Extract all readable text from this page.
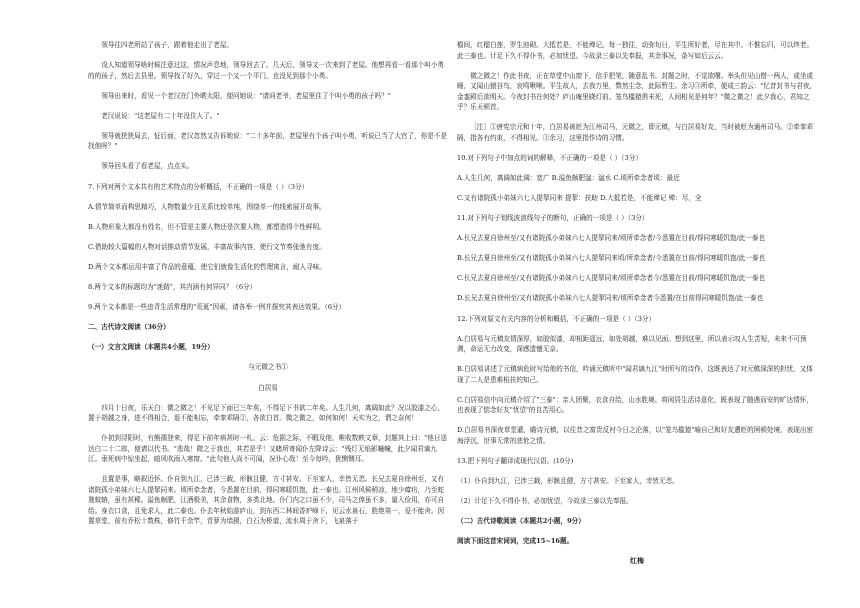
领导往四老所站了孩子，跟着他走出了老屋。

没人知道领导啥时候注意过这，情况声息地，领导回去了。几天后，领导又一次来到了老屋。他想再看一看那个叫小勇的的孩子，然后去县里。领导找了好久，穿过一个又一个平门，也没见到那个小勇。

领导出来时，看见一个老汉在门外晒太阳，便问她说："请问老爷，老屋里住了个叫小勇的孩子吗？"

老汉说说："这老屋有二十年没住人了。"

领导就狭狭局去，怔后面，老汉忽然又告诉她说："二十多年前，老屋里有个孩子叫小勇，听说已当了大官了，你是不是找他呀？"

领导回头看了看老屋，点点头。

7.下列对两个文本共有的艺术特点的分析概括，不正确的一项是（ ）（3分）

A.情节简单而构思精巧，人物数量少且关系比较单纯，围绕单一的线索展开故事。

B.人物形象大都没有姓名，但不管是主要人物还是次要人物，都塑造得个性鲜明。

C.借助较大篇幅的人物对话推动情节发展，丰富故事内容，使行文节奏张弛有度。

D.两个文本都运用丰富了作品的意蕴，使它们就像生活化的哲理寓言，耐人寻味。

8.两个文本的标题均为"迷路"，其内涵有何异同？（6分）

9.两个文本都是一些违背生活常理的"荒诞"因素，请各举一例并探究其表达效果。（6分）

二、古代诗文阅读（36分）

（一）文言文阅读（本题共4小题，19分）

与元微之书①

白居易

四月十日夜，乐天白：微之微之！不见足下面已三年矣，不得足下书欲二年矣。人生几何，离阔如此？况以胶漆之心，置于胡越之身，进不得相合，退不能相忘，牵挛乖隔②，各欲白首。微之微之，如何如何！天实为之，谓之奈何！

仆初到浔阳时，有熊孺登来，得足下前年病甚时一札，云：危据之际，不暇及他，唯收数帙文章，封题其上曰："他日送达白二十二郎，便请以代书。"悲哉！微之于我也，其若是乎！又睹所寄闻仆左降诗云："残灯无焰影幢幢，此夕闻君谪九江。垂死病中惊坐起，暗风吹雨入寒窗。"此句他人尚不可闻，况仆心哉！至今每吟，犹恻恻耳。

且置是事，略叙近怀。仆自到九江，已涉三载，形骸且健，方寸甚安。下至家人，幸皆无恙。长兄去夏自徐州至，又有诸院孤小弟妹六七人提挈同来。顷所牵念者，今悉置在目前，得同寒暖饥饱，此一泰也。江州风候稍凉，地少瘴疠，乃至蛇虺蚊蚋，虽有甚稀。溢鱼颇肥，江酒极美，其余食物，多类北地。仆门内之口虽不少，司马之俸虽不多，量入俭用，亦可自给。身衣口食，且免求人，此二泰也。仆去年秋始游庐山，到东西二林间香炉峰下，见云水泉石，胜绝第一，爱不能舍。因置草堂，前有乔松十数株，修竹千余竿，青萝为墙援，白石为桥道，流水周于舍下，飞泉落于

檐间，红榴白莲，罗生池砌。大抵若是，不能殚记。每一独往，动弥旬日，平生所好者，尽在其中。不惟忘归，可以终老。此三泰也。计足下久不得仆书，必加忧望。今故录三泰以先奉报，其余事况，条写如后云云。

微之微之！作此书夜，正在草堂中山窗下，信手把笔，随意乱书。封题之时，不觉欲曙。举头但见山僧一两人，或坐或睡，又闻山猿谷鸟，哀鸣啾啾。平生故人，去我万里，瞥然尘念，此际暂生。余习③所牵，便成三韵云："忆昔封书与君夜，金銮殿后欲明天。今夜封书在何处？庐山庵里晓灯前。笼鸟槛猿俱未死，人间相见是何年？"微之微之！此夕我心，君知之乎？乐天顿首。

［注］①唐宪宗元和十年，白居易被贬为江州司马，元微之，即元稹，与白居易好友，当时被贬为通州司马。②牵挛乖隔，指各有约束，不得相见。③余习，这里指作诗的习惯。

10.对下列句子中加点的词的解释，不正确的一项是（ ）（3分）

A.人生几何，离阔如此阔：宽广 B.溢鱼颇肥湓：湓水 C.顷所牵念者顷：最近

C.又有诸院孤小弟妹六七人提挈同来 提挈：扶助 D.大抵若是，不能殚记 殚：尽，全

11.对下列句子划线波浪线句子的断句，正确的一项是（ ）（3分）

A.长兄去夏自徐州至/又有诸院孤小弟妹六七人提挈同来/顷所牵念者/今悉置在目前/得同寒暖饥饱/此一泰也

B.长兄去夏自徐州至/又有诸院孤小弟妹六七人提挈同来顷/所牵念者/今悉置在目前/得同寒暖饥饱/此一泰也

C.长兄去夏自徐州至/又有诸院孤小弟妹六七人提挈同来/顷所牵念者今/悉置在目前/得同寒暖饥饱/此一泰也

D.长兄去夏自徐州至/又有诸院孤小弟妹六七人提挈同来/顷所牵念者今悉置/在目前得同寒暖饥饱/此一泰也

12.下列对原文有关内容的分析和概括，不正确的一项是（ ）（3分）

A.白居易与元稹友情深厚，如胶似漆，却相距遥远，如处胡越，难以见面。想到这里，所以表示叹人生苦短，未来不可预测，命运无力改变，深感遗憾无奈。

B.白居易讲述了元稹病危时写给他的书信，吟诵元稹听中"闻君谪九江"时所写的诗作，这既表达了对元稹深深的担忧，又体现了二人是患难相扶的知己。

C.白居易信中向元稹介绍了"三泰"：亲人团聚，衣食自给，山水胜境。将闲居生活诗意化，既表现了随遇而安的旷达情怀，也表现了惦念好友"忧望"的良苦用心。

D.白居易书深夜草堂灌，瞻诗元稹，以往昔之富贵反衬今日之沦落，以"笼鸟槛猿"喻自己和好友遭贬的困顿处境，表现出宦海浮沉，世事无常的悲怆之情。

13.把下列句子翻译成现代汉语。(10分)

（1）仆自到九江，已涉三载，形骸且健，方寸甚安。下至家人，幸皆无恙。

（2）计足下久不得仆书，必加忧望，今故录三泰以先奉报。

（二）古代诗歌阅读（本题共2小题，9分）

阅读下面这首宋词词，完成15~16题。

红梅
